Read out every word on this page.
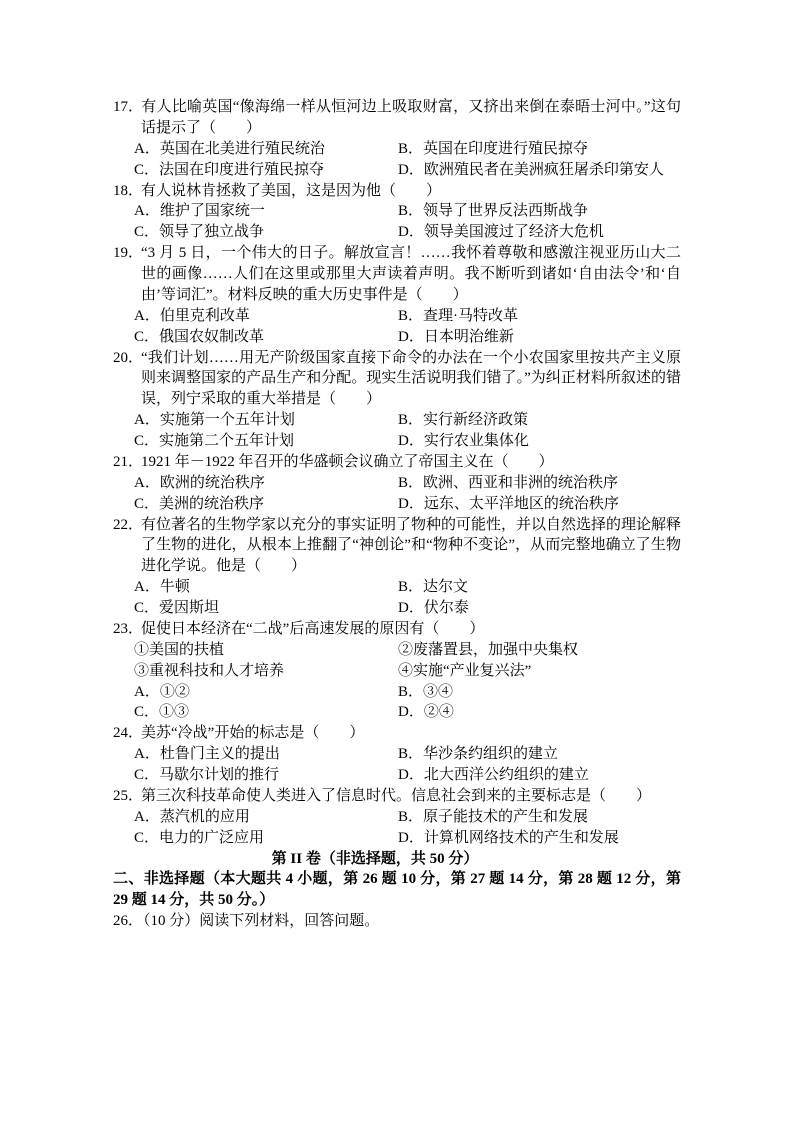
17．有人比喻英国“像海绵一样从恒河边上吸取财富，又挤出来倒在泰晤士河中。”这句话提示了（　　）
A．英国在北美进行殖民统治	B．英国在印度进行殖民掠夺
C．法国在印度进行殖民掠夺	D．欧洲殖民者在美洲疯狂屠杀印第安人
18．有人说林肯拯救了美国，这是因为他（　　）
A．维护了国家统一	B．领导了世界反法西斯战争
C．领导了独立战争	D．领导美国渡过了经济大危机
19．“3 月 5 日，一个伟大的日子。解放宣言！……我怀着尊敬和感激注视亚历山大二世的画像……人们在这里或那里大声读着声明。我不断听到诸如‘自由法令’和‘自由’等词汇”。材料反映的重大历史事件是（　　）
A．伯里克利改革	B．查理·马特改革
C．俄国农奴制改革	D．日本明治维新
20．“我们计划……用无产阶级国家直接下命令的办法在一个小农国家里按共产主义原则来调整国家的产品生产和分配。现实生活说明我们错了。”为纠正材料所叙述的错误，列宁采取的重大举措是（　　）
A．实施第一个五年计划	B．实行新经济政策
C．实施第二个五年计划	D．实行农业集体化
21．1921 年－1922 年召开的华盛顿会议确立了帝国主义在（　　）
A．欧洲的统治秩序	B．欧洲、西亚和非洲的统治秩序
C．美洲的统治秩序	D．远东、太平洋地区的统治秩序
22．有位著名的生物学家以充分的事实证明了物种的可能性，并以自然选择的理论解释了生物的进化，从根本上推翻了“神创论”和“物种不变论”，从而完整地确立了生物进化学说。他是（　　）
A．牛顿	B．达尔文
C．爱因斯坦	D．伏尔泰
23．促使日本经济在“二战”后高速发展的原因有（　　）
①美国的扶植	②废藩置县，加强中央集权
③重视科技和人才培养	④实施“产业复兴法”
A．①②	B．③④
C．①③	D．②④
24．美苏“冷战”开始的标志是（　　）
A．杜鲁门主义的提出	B．华沙条约组织的建立
C．马歇尔计划的推行	D．北大西洋公约组织的建立
25．第三次科技革命使人类进入了信息时代。信息社会到来的主要标志是（　　）
A．蒸汽机的应用	B．原子能技术的产生和发展
C．电力的广泛应用	D．计算机网络技术的产生和发展
第 II 卷（非选择题，共 50 分）
二、非选择题（本大题共 4 小题，第 26 题 10 分，第 27 题 14 分，第 28 题 12 分，第 29 题 14 分，共 50 分。）
26．（10 分）阅读下列材料，回答问题。
